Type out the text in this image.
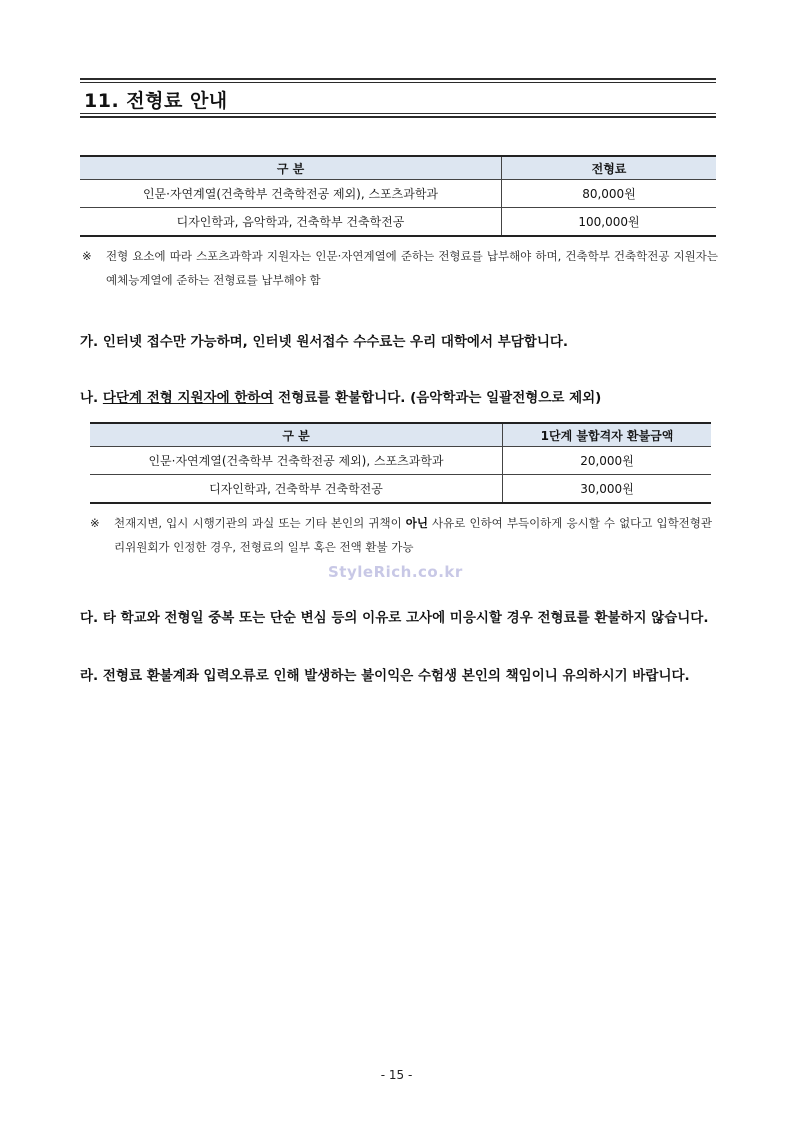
11. 전형료 안내
구 분	전형료
인문·자연계열(건축학부 건축학전공 제외), 스포츠과학과	80,000원
디자인학과, 음악학과, 건축학부 건축학전공	100,000원
※	전형 요소에 따라 스포츠과학과 지원자는 인문·자연계열에 준하는 전형료를 납부해야 하며, 건축학부 건축학전공 지원자는 예체능계열에 준하는 전형료를 납부해야 함
가. 인터넷 접수만 가능하며, 인터넷 원서접수 수수료는 우리 대학에서 부담합니다.
나. 다단계 전형 지원자에 한하여 전형료를 환불합니다. (음악학과는 일괄전형으로 제외)
구 분	1단계 불합격자 환불금액
인문·자연계열(건축학부 건축학전공 제외), 스포츠과학과	20,000원
디자인학과, 건축학부 건축학전공	30,000원
※	천재지변, 입시 시행기관의 과실 또는 기타 본인의 귀책이 아닌 사유로 인하여 부득이하게 응시할 수 없다고 입학전형관리위원회가 인정한 경우, 전형료의 일부 혹은 전액 환불 가능
StyleRich.co.kr
다. 타 학교와 전형일 중복 또는 단순 변심 등의 이유로 고사에 미응시할 경우 전형료를 환불하지 않습니다.
라. 전형료 환불계좌 입력오류로 인해 발생하는 불이익은 수험생 본인의 책임이니 유의하시기 바랍니다.
- 15 -
